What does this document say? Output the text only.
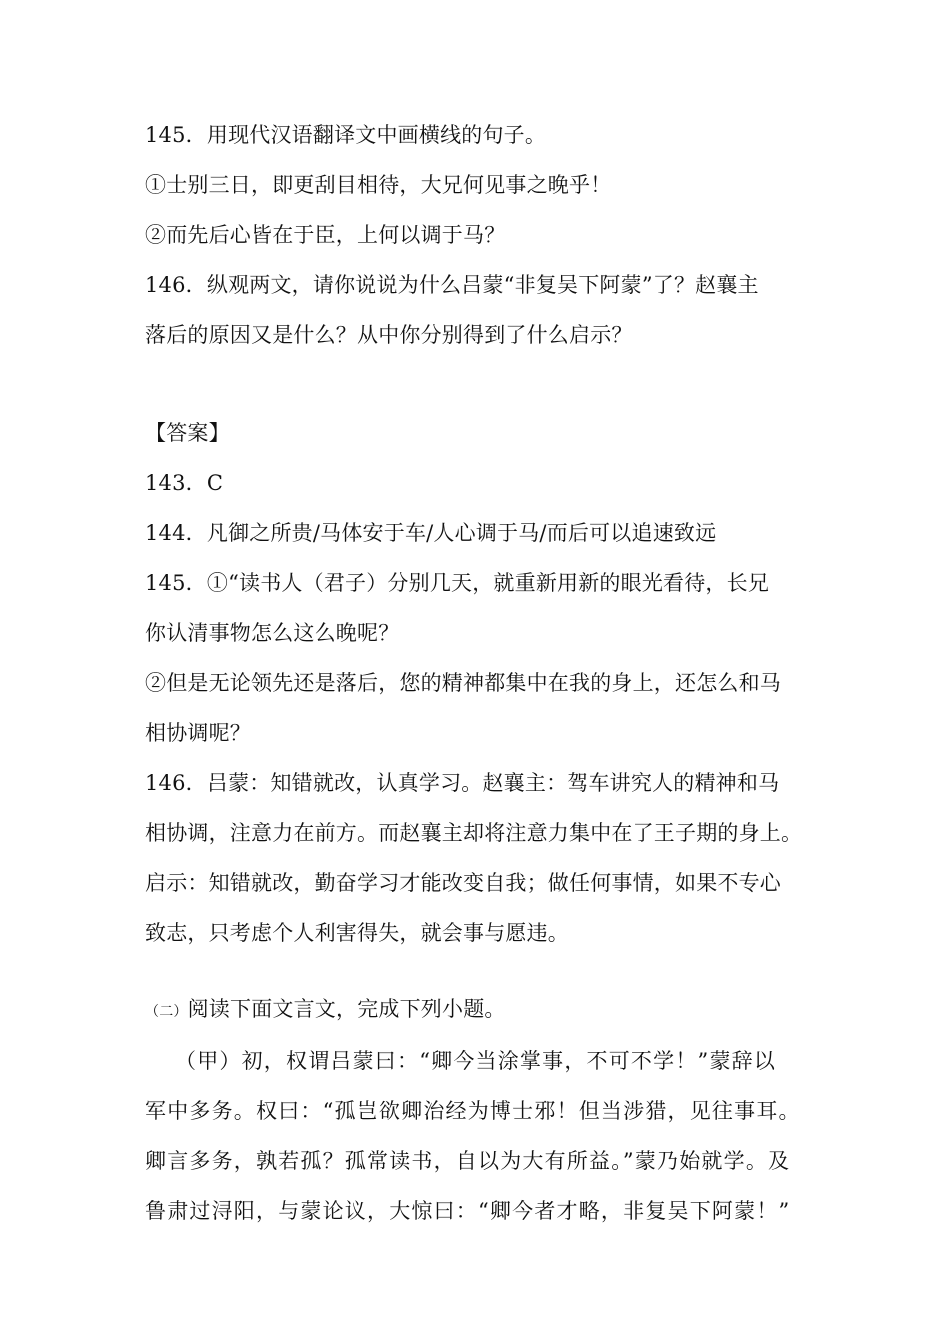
145．用现代汉语翻译文中画横线的句子。
①士别三日，即更刮目相待，大兄何见事之晚乎！
②而先后心皆在于臣，上何以调于马？
146．纵观两文，请你说说为什么吕蒙“非复吴下阿蒙”了？赵襄主
落后的原因又是什么？从中你分别得到了什么启示？
【答案】
143．C
144．凡御之所贵/马体安于车/人心调于马/而后可以追速致远
145．①“读书人（君子）分别几天，就重新用新的眼光看待，长兄
你认清事物怎么这么晚呢？
②但是无论领先还是落后，您的精神都集中在我的身上，还怎么和马
相协调呢？
146．吕蒙：知错就改，认真学习。赵襄主：驾车讲究人的精神和马
相协调，注意力在前方。而赵襄主却将注意力集中在了王子期的身上。
启示：知错就改，勤奋学习才能改变自我；做任何事情，如果不专心
致志，只考虑个人利害得失，就会事与愿违。
（二）阅读下面文言文，完成下列小题。
（甲）初，权谓吕蒙曰：“卿今当涂掌事，不可不学！”蒙辞以
军中多务。权曰：“孤岂欲卿治经为博士邪！但当涉猎，见往事耳。
卿言多务，孰若孤？孤常读书，自以为大有所益。”蒙乃始就学。及
鲁肃过浔阳，与蒙论议，大惊曰：“卿今者才略，非复吴下阿蒙！”
